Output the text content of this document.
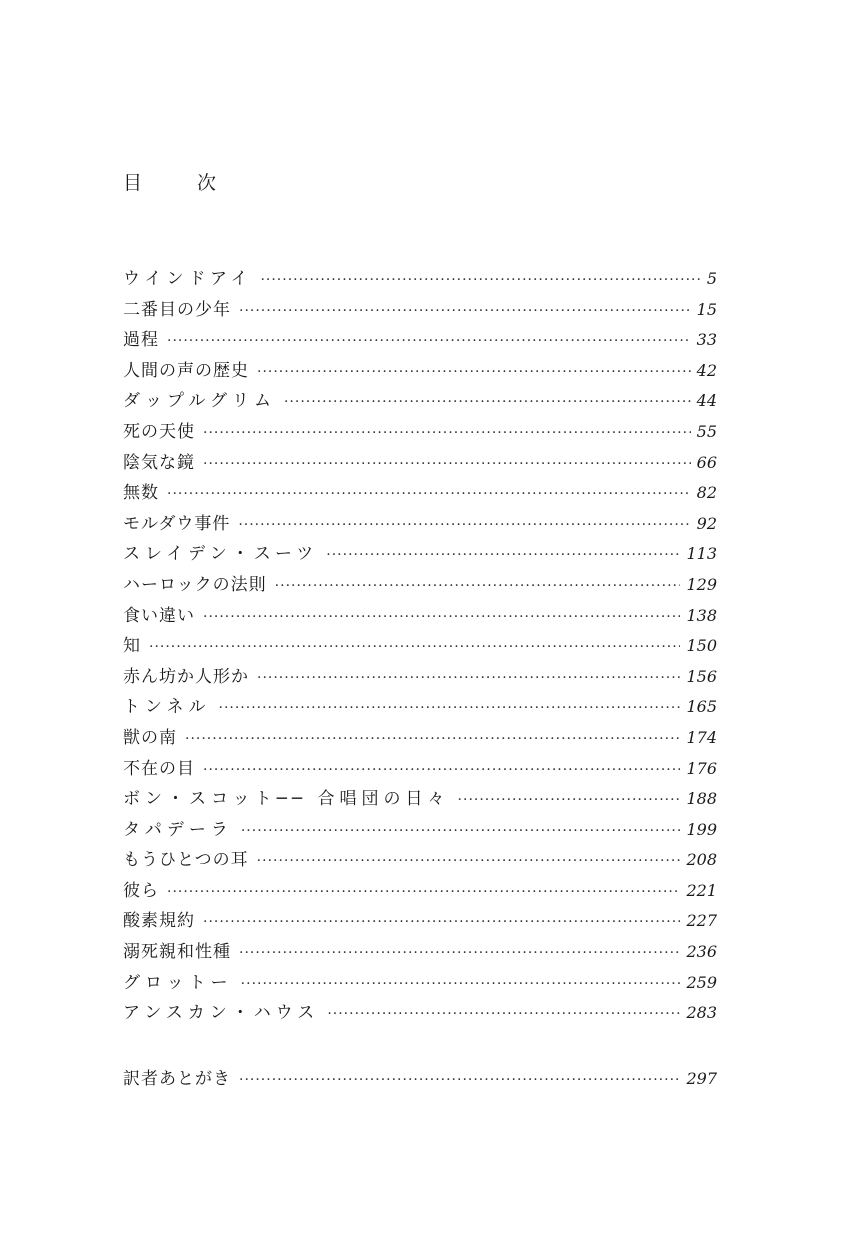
目　次
ウインドアイ ·····	5
二番目の少年 ·····	15
過程 ·····	33
人間の声の歴史 ·····	42
ダップルグリム ·····	44
死の天使 ·····	55
陰気な鏡 ·····	66
無数 ·····	82
モルダウ事件 ·····	92
スレイデン・スーツ ·····	113
ハーロックの法則 ·····	129
食い違い ·····	138
知 ·····	150
赤ん坊か人形か ·····	156
トンネル ·····	165
獣の南 ·····	174
不在の目 ·····	176
ボン・スコット── 合唱団の日々 ·····	188
タパデーラ ·····	199
もうひとつの耳 ·····	208
彼ら ·····	221
酸素規約 ·····	227
溺死親和性種 ·····	236
グロットー ·····	259
アンスカン・ハウス ·····	283
訳者あとがき ·····	297
